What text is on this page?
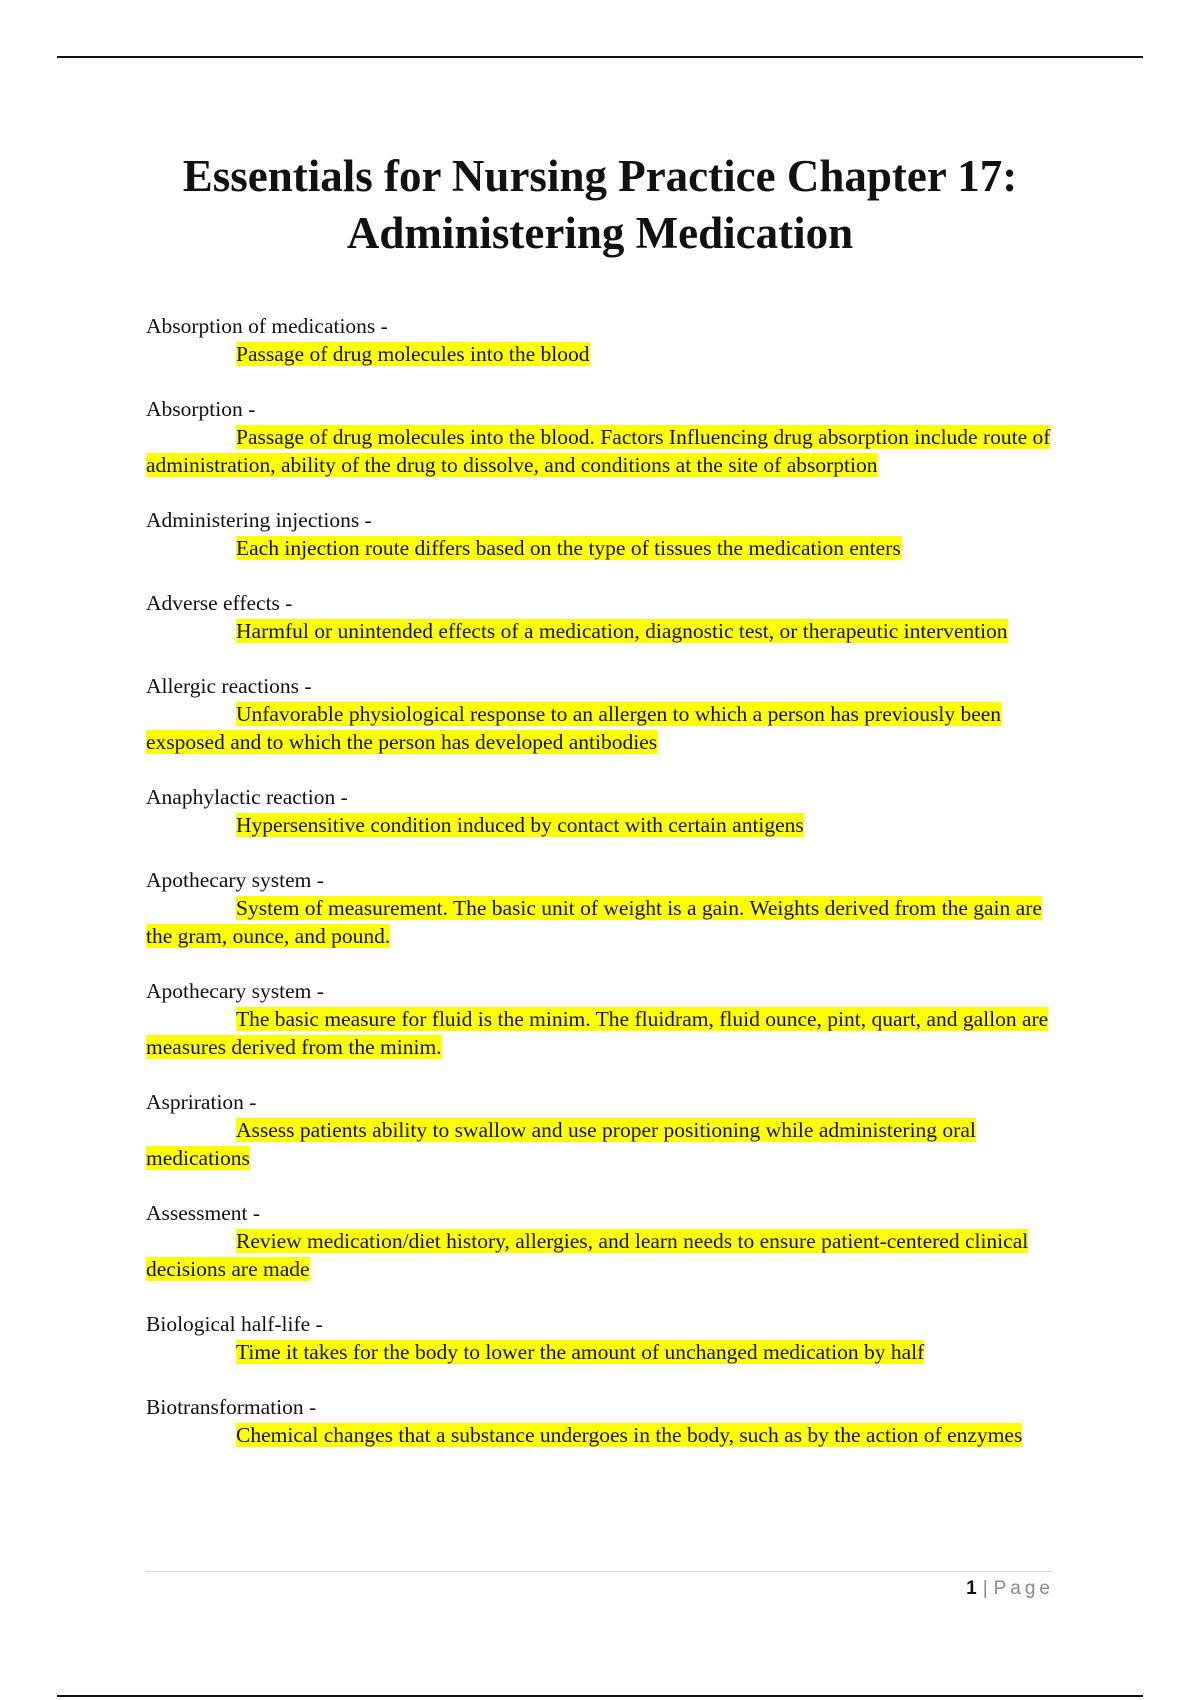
Essentials for Nursing Practice Chapter 17:
Administering Medication
Absorption of medications -
Passage of drug molecules into the blood
Absorption -
Passage of drug molecules into the blood. Factors Influencing drug absorption include route of administration, ability of the drug to dissolve, and conditions at the site of absorption
Administering injections -
Each injection route differs based on the type of tissues the medication enters
Adverse effects -
Harmful or unintended effects of a medication, diagnostic test, or therapeutic intervention
Allergic reactions -
Unfavorable physiological response to an allergen to which a person has previously been exsposed and to which the person has developed antibodies
Anaphylactic reaction -
Hypersensitive condition induced by contact with certain antigens
Apothecary system -
System of measurement. The basic unit of weight is a gain. Weights derived from the gain are the gram, ounce, and pound.
Apothecary system -
The basic measure for fluid is the minim. The fluidram, fluid ounce, pint, quart, and gallon are measures derived from the minim.
Aspriration -
Assess patients ability to swallow and use proper positioning while administering oral medications
Assessment -
Review medication/diet history, allergies, and learn needs to ensure patient-centered clinical decisions are made
Biological half-life -
Time it takes for the body to lower the amount of unchanged medication by half
Biotransformation -
Chemical changes that a substance undergoes in the body, such as by the action of enzymes
1 | Page
